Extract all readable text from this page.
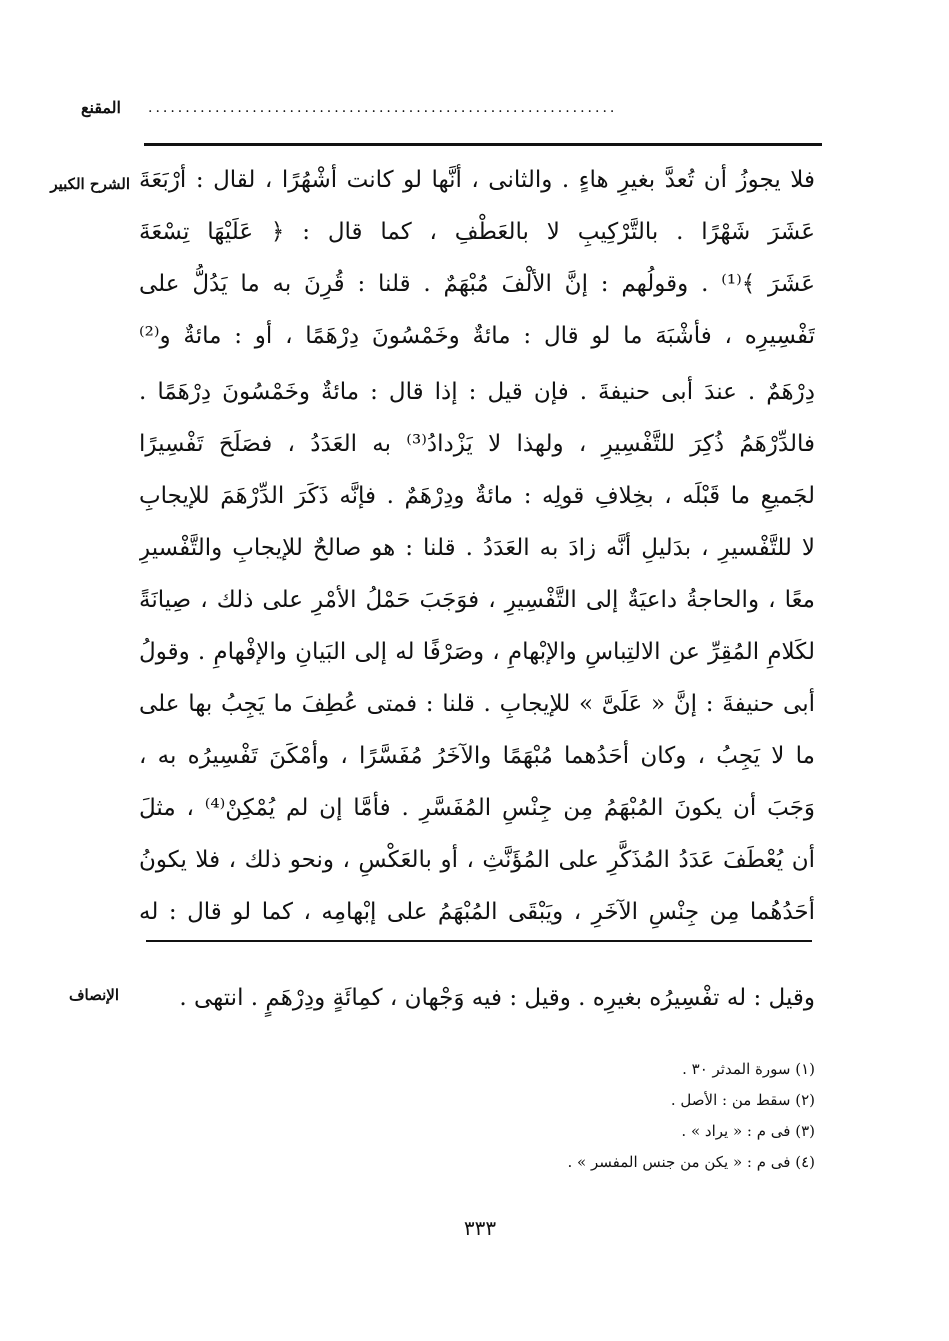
المقنع ...............................................................
الشرح الكبير فلا يجوزُ أن تُعدَّ بغيرِ هاءٍ . والثانى ، أنَّها لو كانت أشْهُرًا ، لقال : أرْبَعَةَ
عَشَرَ شَهْرًا . بالتَّرْكِيبِ لا بالعَطْفِ ، كما قال : ﴿ عَلَيْهَا تِسْعَةَ
عَشَرَ ﴾⁽¹⁾ . وقولُهم : إنَّ الألْفَ مُبْهَمٌ . قلنا : قُرِنَ به ما يَدُلُّ على
تَفْسِيرِه ، فأشْبَهَ ما لو قال : مائةٌ وخَمْسُونَ دِرْهَمًا ، أو : مائةٌ و⁽²⁾
دِرْهَمٌ . عندَ أبى حنيفةَ . فإن قيل : إذا قال : مائةٌ وخَمْسُونَ دِرْهَمًا .
فالدِّرْهَمُ ذُكِرَ للتَّفْسِيرِ ، ولهذا لا يَزْدادُ⁽³⁾ به العَدَدُ ، فصَلَحَ تَفْسِيرًا
لجَميعِ ما قَبْلَه ، بخِلافِ قولِه : مائةٌ ودِرْهَمٌ . فإنَّه ذَكَرَ الدِّرْهَمَ للإيجابِ
لا للتَّفْسيرِ ، بدَليلِ أنَّه زادَ به العَدَدُ . قلنا : هو صالحٌ للإيجابِ والتَّفْسيرِ
معًا ، والحاجةُ داعيَةٌ إلى التَّفْسِيرِ ، فوَجَبَ حَمْلُ الأمْرِ على ذلك ، صِيانَةً
لكَلامِ المُقِرِّ عن الالتِباسِ والإبْهامِ ، وصَرْفًا له إلى البَيانِ والإفْهامِ . وقولُ
أبى حنيفةَ : إنَّ « عَلَىَّ » للإيجابِ . قلنا : فمتى عُطِفَ ما يَجِبُ بها على
ما لا يَجِبُ ، وكان أحَدُهما مُبْهَمًا والآخَرُ مُفَسَّرًا ، وأمْكَنَ تَفْسِيرُه به ،
وَجَبَ أن يكونَ المُبْهَمُ مِن جِنْسِ المُفَسَّرِ . فأمَّا إن لم يُمْكِنْ⁽⁴⁾ ، مثلَ
أن يُعْطَفَ عَدَدُ المُذَكَّرِ على المُؤَنَّثِ ، أو بالعَكْسِ ، ونحو ذلك ، فلا يكونُ
أحَدُهُما مِن جِنْسِ الآخَرِ ، ويَبْقَى المُبْهَمُ على إبْهامِه ، كما لو قال : له
الإنصاف	وقيل : له تفْسِيرُه بغيرِه . وقيل : فيه وَجْهان ، كمِائَةٍ ودِرْهَمٍ . انتهى .
(١) سورة المدثر ٣٠ .
(٢) سقط من : الأصل .
(٣) فى م : « يراد » .
(٤) فى م : « يكن من جنس المفسر » .
٣٣٣
